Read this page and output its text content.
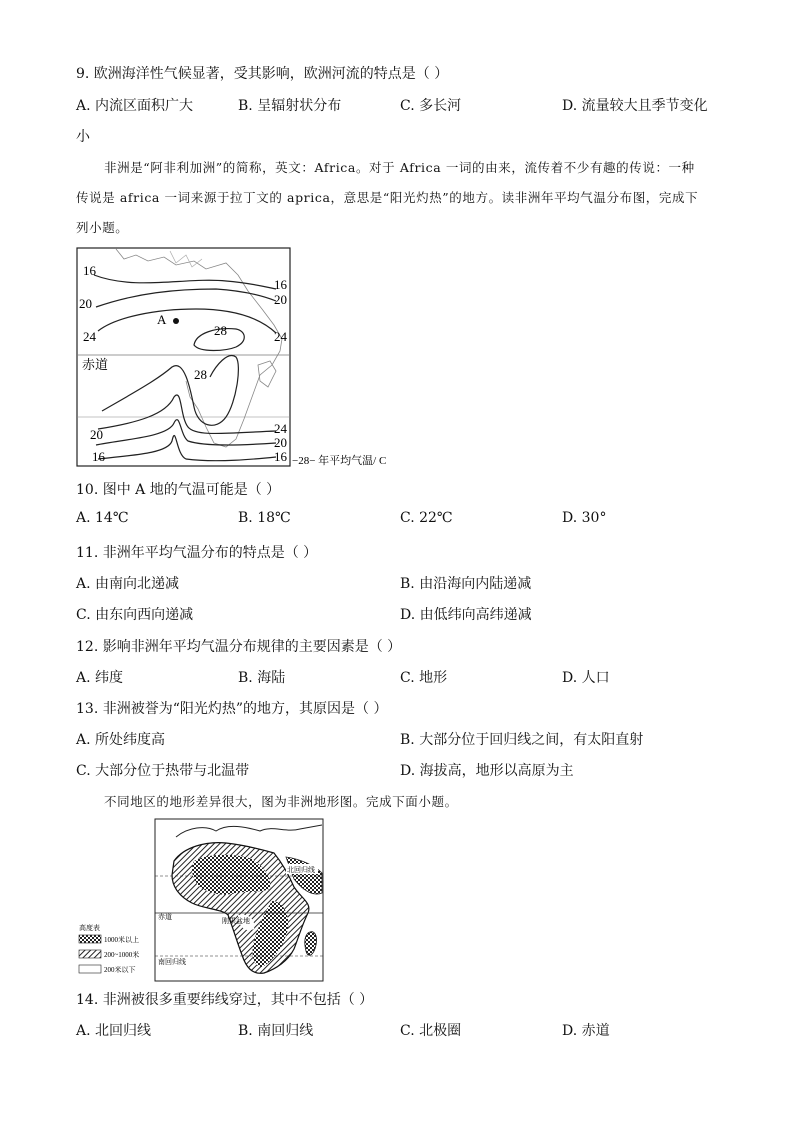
9. 欧洲海洋性气候显著，受其影响，欧洲河流的特点是（ ）
A. 内流区面积广大	B. 呈辐射状分布	C. 多长河	D. 流量较大且季节变化
小
非洲是“阿非利加洲”的简称，英文：Africa。对于 Africa 一词的由来，流传着不少有趣的传说：一种
传说是 africa 一词来源于拉丁文的 aprica，意思是“阳光灼热”的地方。读非洲年平均气温分布图，完成下
列小题。
16
16
20	20
24	24
A
28
28
赤道
24
20
16
20
16	−28− 年平均气温/ C
10. 图中 A 地的气温可能是（ ）
A. 14℃	B. 18℃	C. 22℃	D. 30°
11. 非洲年平均气温分布的特点是（ ）
A. 由南向北递减	B. 由沿海向内陆递减
C. 由东向西向递减	D. 由低纬向高纬递减
12. 影响非洲年平均气温分布规律的主要因素是（ ）
A. 纬度	B. 海陆	C. 地形	D. 人口
13. 非洲被誉为“阳光灼热”的地方，其原因是（ ）
A. 所处纬度高	B. 大部分位于回归线之间，有太阳直射
C. 大部分位于热带与北温带	D. 海拔高，地形以高原为主
不同地区的地形差异很大，图为非洲地形图。完成下面小题。
北回归线
赤道	刚果盆地
南回归线
高度表
1000米以上
200~1000米
200米以下
14. 非洲被很多重要纬线穿过，其中不包括（ ）
A. 北回归线	B. 南回归线	C. 北极圈	D. 赤道
